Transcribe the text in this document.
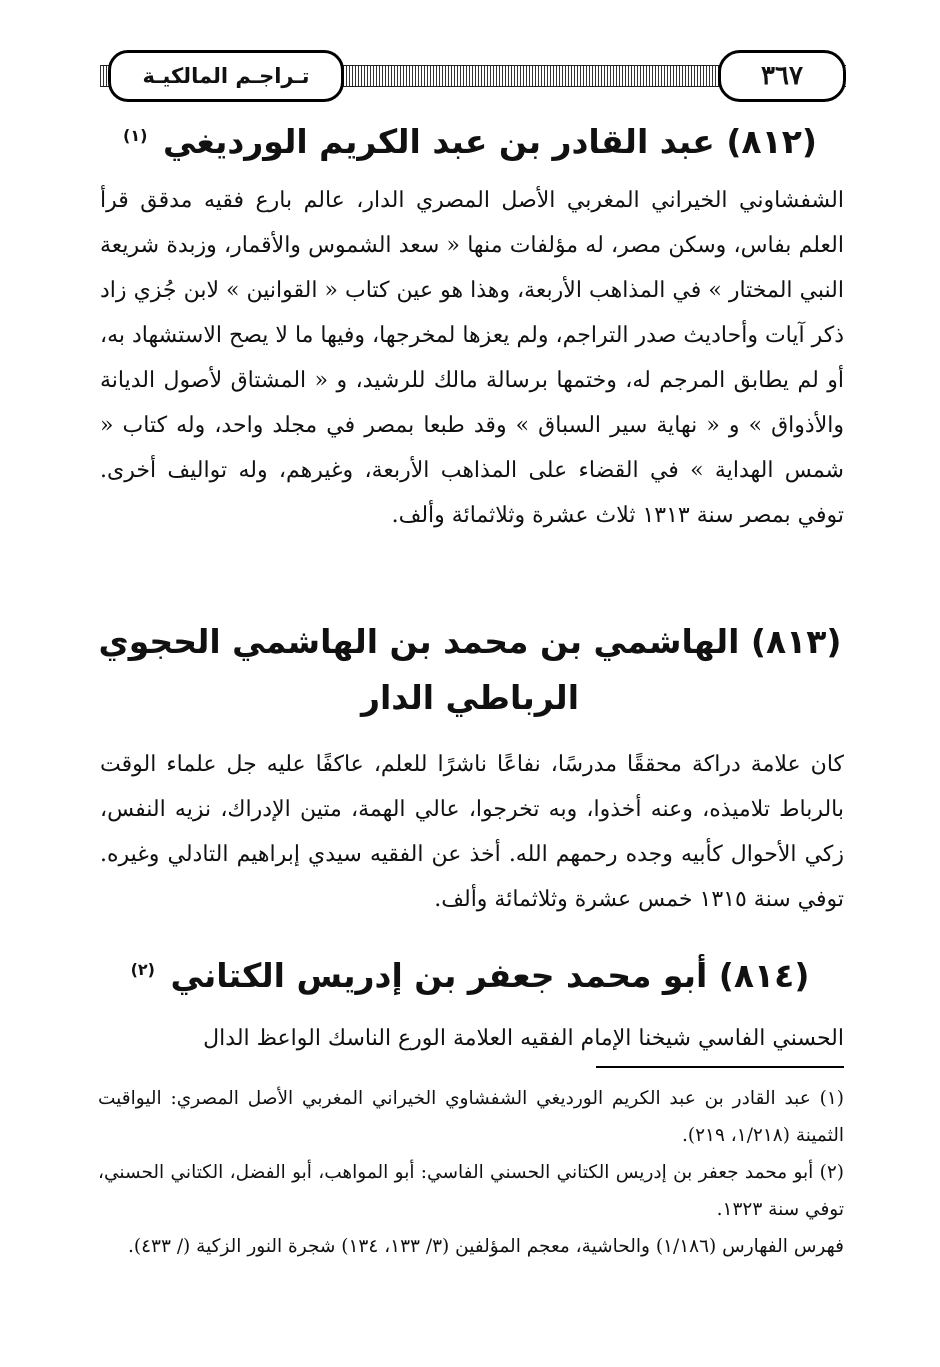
٣٦٧
تـراجـم المالكيـة
(٨١٢) عبد القادر بن عبد الكريم الورديغي $^{(١)}$

الشفشاوني الخيراني المغربي الأصل المصري الدار، عالم بارع فقيه مدقق قرأ العلم بفاس، وسكن مصر، له مؤلفات منها « سعد الشموس والأقمار، وزبدة شريعة النبي المختار » في المذاهب الأربعة، وهذا هو عين كتاب « القوانين » لابن جُزي زاد ذكر آيات وأحاديث صدر التراجم، ولم يعزها لمخرجها، وفيها ما لا يصح الاستشهاد به، أو لم يطابق المرجم له، وختمها برسالة مالك للرشيد، و « المشتاق لأصول الديانة والأذواق » و « نهاية سير السباق » وقد طبعا بمصر في مجلد واحد، وله كتاب « شمس الهداية » في القضاء على المذاهب الأربعة، وغيرهم، وله تواليف أخرى. توفي بمصر سنة ١٣١٣ ثلاث عشرة وثلاثمائة وألف.

(٨١٣) الهاشمي بن محمد بن الهاشمي الحجوي الرباطي الدار

كان علامة دراكة محققًا مدرسًا، نفاعًا ناشرًا للعلم، عاكفًا عليه جل علماء الوقت بالرباط تلاميذه، وعنه أخذوا، وبه تخرجوا، عالي الهمة، متين الإدراك، نزيه النفس، زكي الأحوال كأبيه وجده رحمهم الله. أخذ عن الفقيه سيدي إبراهيم التادلي وغيره. توفي سنة ١٣١٥ خمس عشرة وثلاثمائة وألف.

(٨١٤) أبو محمد جعفر بن إدريس الكتاني $^{(٢)}$

الحسني الفاسي شيخنا الإمام الفقيه العلامة الورع الناسك الواعظ الدال

(١) عبد القادر بن عبد الكريم الورديغي الشفشاوي الخيراني المغربي الأصل المصري: اليواقيت الثمينة (١/٢١٨، ٢١٩).

(٢) أبو محمد جعفر بن إدريس الكتاني الحسني الفاسي: أبو المواهب، أبو الفضل، الكتاني الحسني، توفي سنة ١٣٢٣.

فهرس الفهارس (١/١٨٦) والحاشية، معجم المؤلفين (٣/ ١٣٣، ١٣٤) شجرة النور الزكية (/ ٤٣٣).
